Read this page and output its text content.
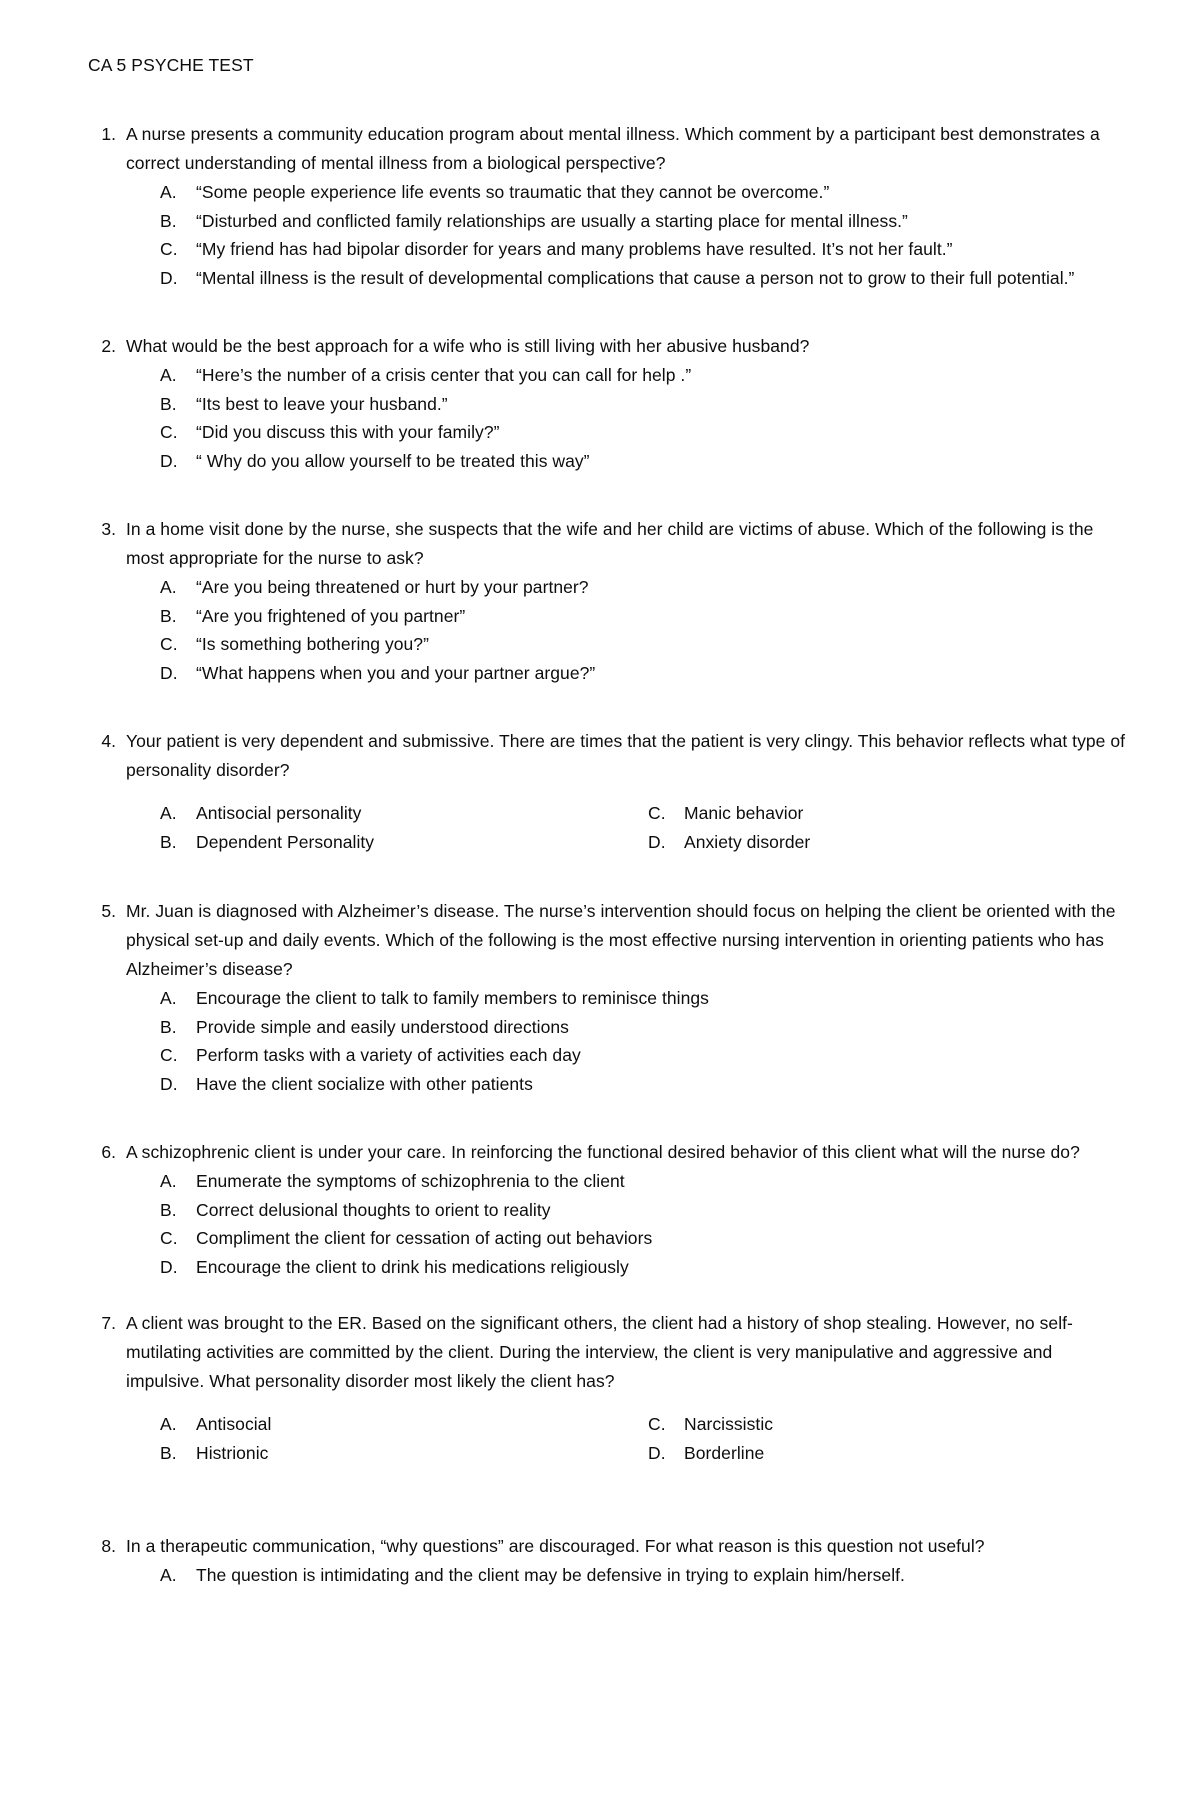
CA 5 PSYCHE TEST
1. A nurse presents a community education program about mental illness. Which comment by a participant best demonstrates a correct understanding of mental illness from a biological perspective?
A.	“Some people experience life events so traumatic that they cannot be overcome.”
B.	“Disturbed and conflicted family relationships are usually a starting place for mental illness.”
C. “My friend has had bipolar disorder for years and many problems have resulted. It’s not her fault.”
D. “Mental illness is the result of developmental complications that cause a person not to grow to their full potential.”
2. What would be the best approach for a wife who is still living with her abusive husband?
A.	“Here’s the number of a crisis center that you can call for help .”
B.	“Its best to leave your husband.”
C. “Did you discuss this with your family?”
D. “ Why do you allow yourself to be treated this way”
3. In a home visit done by the nurse, she suspects that the wife and her child are victims of abuse. Which of the following is the most appropriate for the nurse to ask?
A.	“Are you being threatened or hurt by your partner?
B.	“Are you frightened of you partner”
C. “Is something bothering you?”
D. “What happens when you and your partner argue?”
4. Your patient is very dependent and submissive. There are times that the patient is very clingy. This behavior reflects what type of personality disorder?
A.	Antisocial personality
B.	Dependent Personality
C. Manic behavior
D. Anxiety disorder
5. Mr. Juan is diagnosed with Alzheimer’s disease. The nurse’s intervention should focus on helping the client be oriented with the physical set-up and daily events. Which of the following is the most effective nursing intervention in orienting patients who has Alzheimer’s disease?
A.	Encourage the client to talk to family members to reminisce things
B.	Provide simple and easily understood directions
C. Perform tasks with a variety of activities each day
D. Have the client socialize with other patients
6. A schizophrenic client is under your care. In reinforcing the functional desired behavior of this client what will the nurse do?
A.	Enumerate the symptoms of schizophrenia to the client
B.	Correct delusional thoughts to orient to reality
C. Compliment the client for cessation of acting out behaviors
D. Encourage the client to drink his medications religiously
7. A client was brought to the ER. Based on the significant others, the client had a history of shop stealing. However, no self-mutilating activities are committed by the client. During the interview, the client is very manipulative and aggressive and impulsive. What personality disorder most likely the client has?
A.	Antisocial
B.	Histrionic
C. Narcissistic
D. Borderline
8. In a therapeutic communication, “why questions” are discouraged. For what reason is this question not useful?
A.	The question is intimidating and the client may be defensive in trying to explain him/herself.
